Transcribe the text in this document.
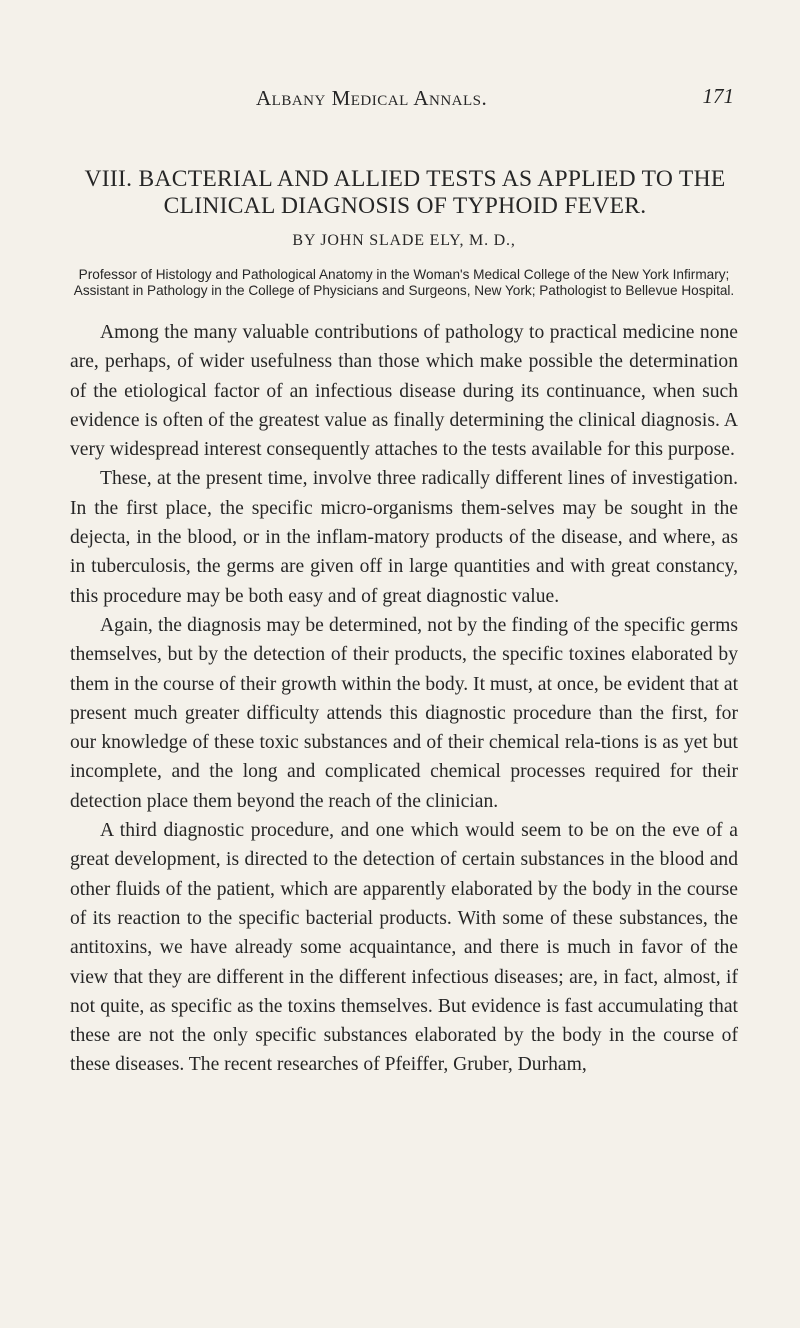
Albany Medical Annals.	171
VIII. BACTERIAL AND ALLIED TESTS AS APPLIED TO THE CLINICAL DIAGNOSIS OF TYPHOID FEVER.
BY JOHN SLADE ELY, M. D.,
Professor of Histology and Pathological Anatomy in the Woman's Medical College of the New York Infirmary; Assistant in Pathology in the College of Physicians and Surgeons, New York; Pathologist to Bellevue Hospital.

Among the many valuable contributions of pathology to practical medicine none are, perhaps, of wider usefulness than those which make possible the determination of the etiological factor of an infectious disease during its continuance, when such evidence is often of the greatest value as finally determining the clinical diagnosis. A very widespread interest consequently attaches to the tests available for this purpose.

These, at the present time, involve three radically different lines of investigation. In the first place, the specific micro-organisms them-selves may be sought in the dejecta, in the blood, or in the inflam-matory products of the disease, and where, as in tuberculosis, the germs are given off in large quantities and with great constancy, this procedure may be both easy and of great diagnostic value.

Again, the diagnosis may be determined, not by the finding of the specific germs themselves, but by the detection of their products, the specific toxines elaborated by them in the course of their growth within the body. It must, at once, be evident that at present much greater difficulty attends this diagnostic procedure than the first, for our knowledge of these toxic substances and of their chemical rela-tions is as yet but incomplete, and the long and complicated chemical processes required for their detection place them beyond the reach of the clinician.

A third diagnostic procedure, and one which would seem to be on the eve of a great development, is directed to the detection of certain substances in the blood and other fluids of the patient, which are apparently elaborated by the body in the course of its reaction to the specific bacterial products. With some of these substances, the antitoxins, we have already some acquaintance, and there is much in favor of the view that they are different in the different infectious diseases; are, in fact, almost, if not quite, as specific as the toxins themselves. But evidence is fast accumulating that these are not the only specific substances elaborated by the body in the course of these diseases. The recent researches of Pfeiffer, Gruber, Durham,
